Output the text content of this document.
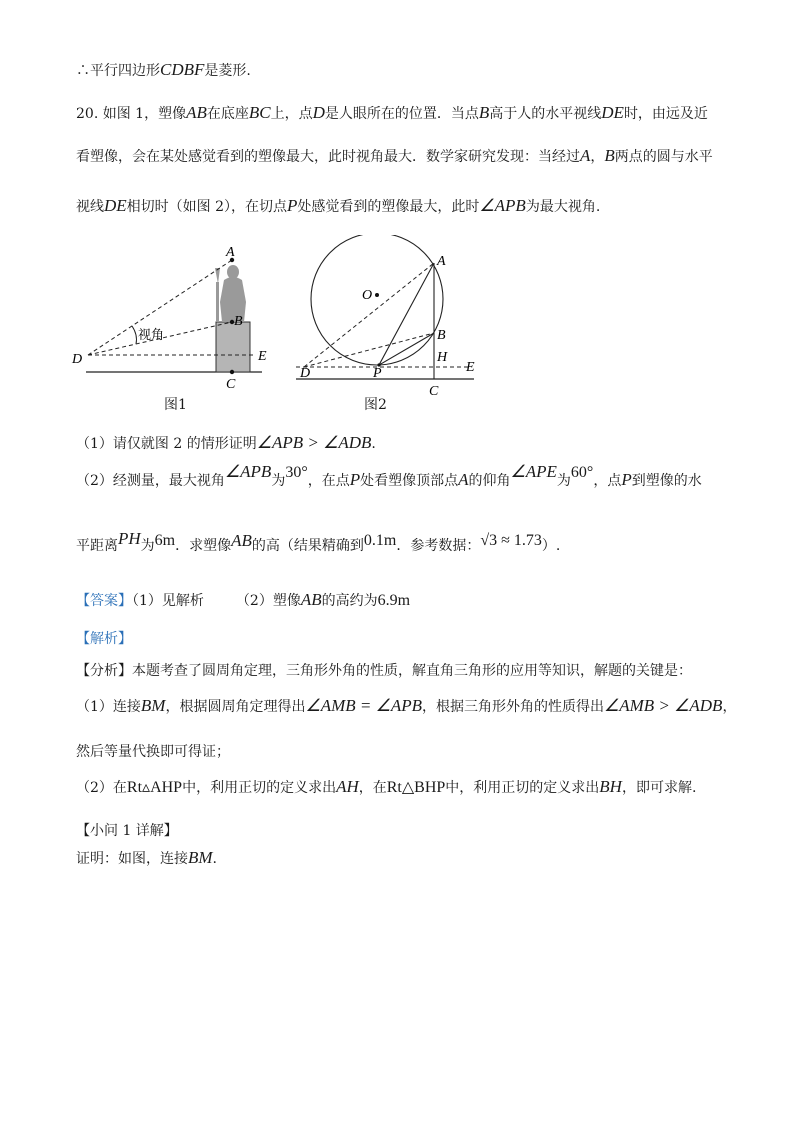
∴平行四边形CDBF是菱形.
20. 如图 1，塑像AB在底座BC上，点D是人眼所在的位置．当点B高于人的水平视线DE时，由远及近
看塑像，会在某处感觉看到的塑像最大，此时视角最大．数学家研究发现：当经过A，B两点的圆与水平
视线DE相切时（如图 2），在切点P处感觉看到的塑像最大，此时∠APB为最大视角.
A
B
C
D	E
视角
图1
A
O
B
H
E
D	P
C
图2
（1）请仅就图 2 的情形证明∠APB > ∠ADB.
（2）经测量，最大视角∠APB为30°，在点P处看塑像顶部点A的仰角∠APE为60°，点P到塑像的水
平距离PH为6m．求塑像AB的高（结果精确到0.1m．参考数据：√3 ≈ 1.73）.
【答案】（1）见解析 （2）塑像AB的高约为6.9m
【解析】
【分析】本题考查了圆周角定理，三角形外角的性质，解直角三角形的应用等知识，解题的关键是：
（1）连接BM，根据圆周角定理得出∠AMB = ∠APB，根据三角形外角的性质得出∠AMB > ∠ADB，
然后等量代换即可得证；
（2）在Rt▵AHP中，利用正切的定义求出AH，在Rt△BHP中，利用正切的定义求出BH，即可求解.
【小问 1 详解】
证明：如图，连接BM.
